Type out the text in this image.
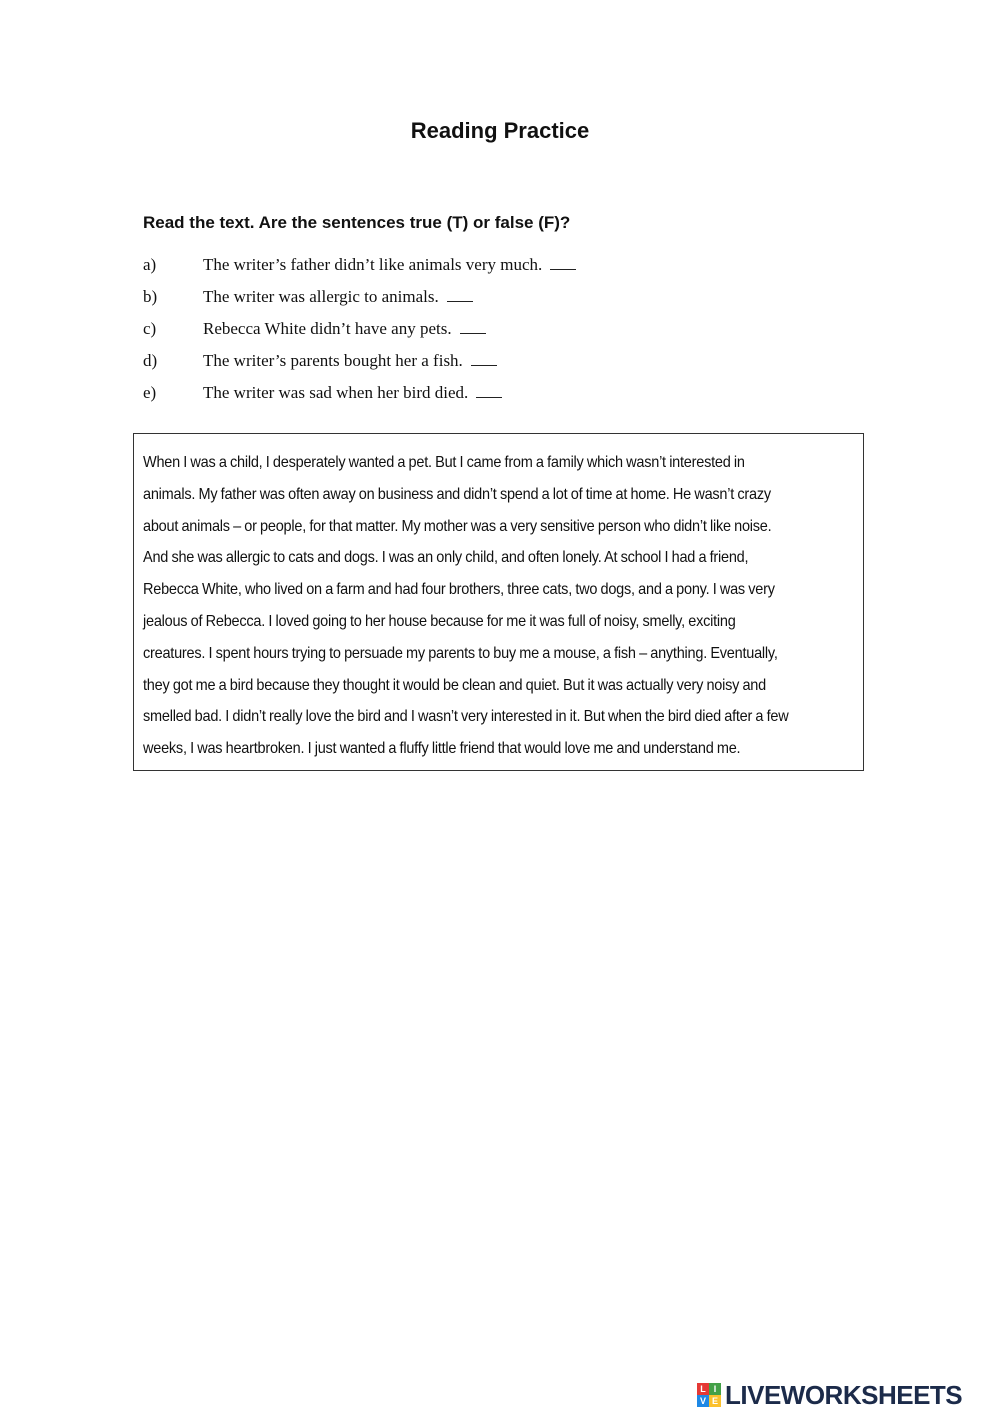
Reading Practice
Read the text. Are the sentences true (T) or false (F)?
a)	The writer’s father didn’t like animals very much.
b)	The writer was allergic to animals.
c)	Rebecca White didn’t have any pets.
d)	The writer’s parents bought her a fish.
e)	The writer was sad when her bird died.
When I was a child, I desperately wanted a pet. But I came from a family which wasn’t interested in
animals. My father was often away on business and didn’t spend a lot of time at home. He wasn’t crazy
about animals – or people, for that matter. My mother was a very sensitive person who didn’t like noise.
And she was allergic to cats and dogs. I was an only child, and often lonely. At school I had a friend,
Rebecca White, who lived on a farm and had four brothers, three cats, two dogs, and a pony. I was very
jealous of Rebecca. I loved going to her house because for me it was full of noisy, smelly, exciting
creatures. I spent hours trying to persuade my parents to buy me a mouse, a fish – anything. Eventually,
they got me a bird because they thought it would be clean and quiet. But it was actually very noisy and
smelled bad. I didn’t really love the bird and I wasn’t very interested in it. But when the bird died after a few
weeks, I was heartbroken. I just wanted a fluffy little friend that would love me and understand me.
L I
V E LIVEWORKSHEETS
